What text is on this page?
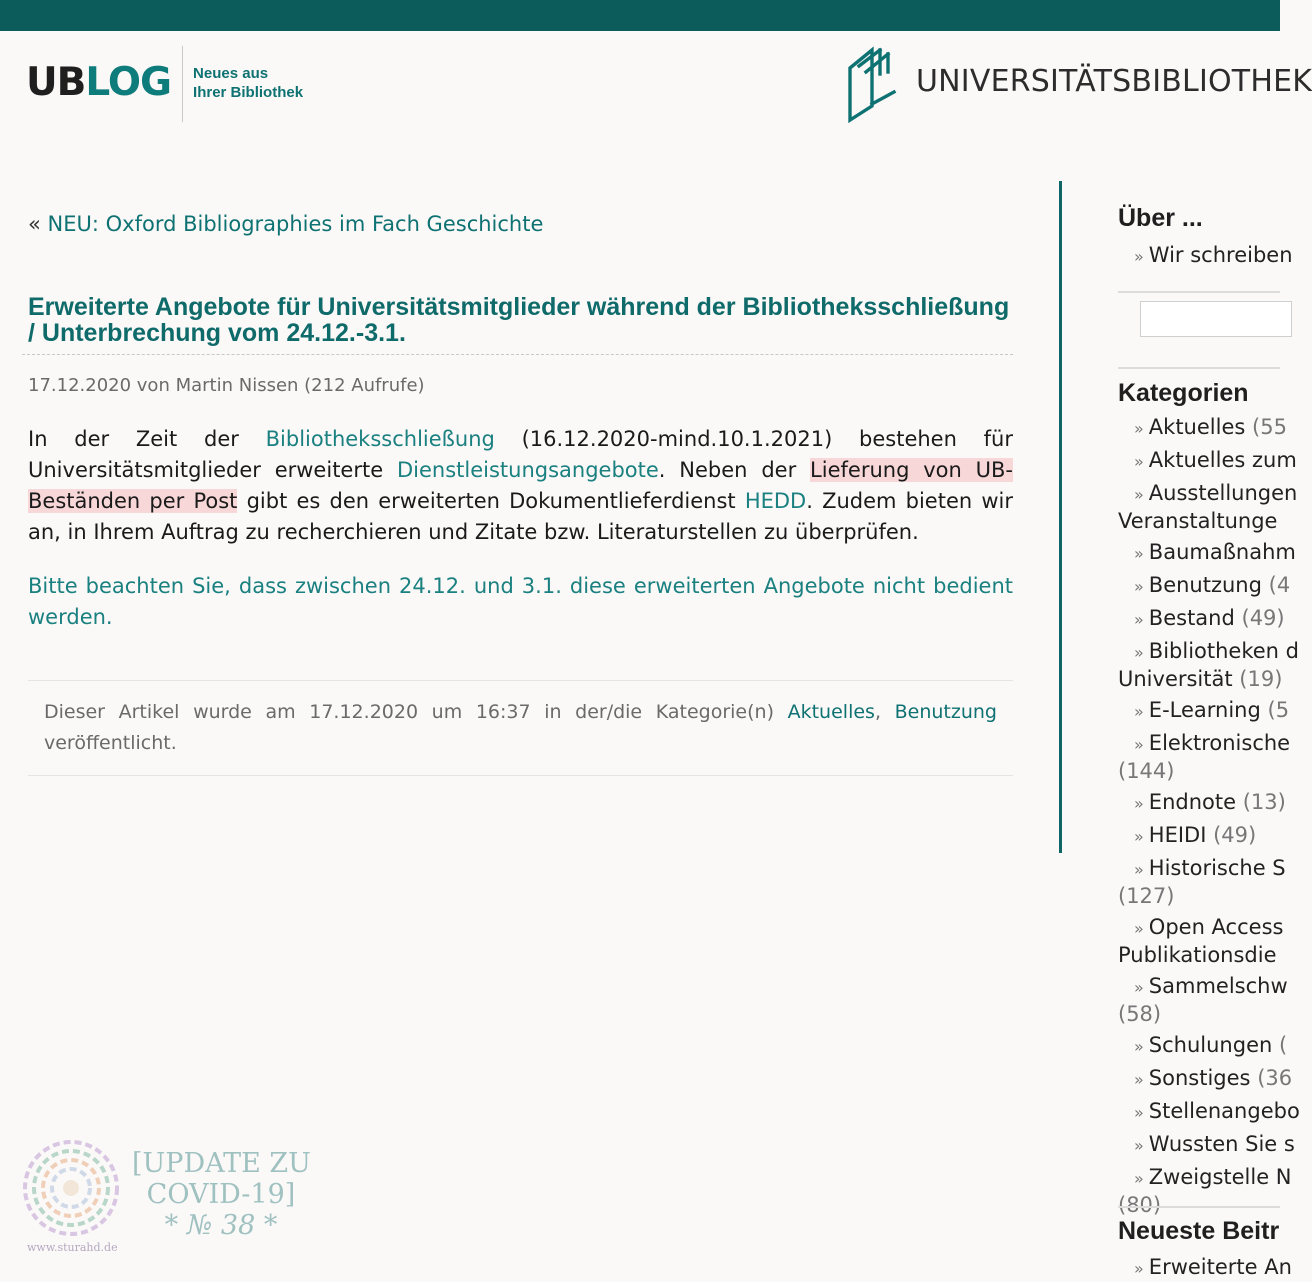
UBLOG Neues aus
Ihrer Bibliothek	UNIVERSITÄTSBIBLIOTHEK
« NEU: Oxford Bibliographies im Fach Geschichte
Erweiterte Angebote für Universitätsmitglieder während der Bibliotheksschließung / Unterbrechung vom 24.12.-3.1.
17.12.2020 von Martin Nissen (212 Aufrufe)

In der Zeit der Bibliotheksschließung (16.12.2020-mind.10.1.2021) bestehen für Universitätsmitglieder erweiterte Dienstleistungsangebote. Neben der Lieferung von UB-Beständen per Post gibt es den erweiterten Dokumentlieferdienst HEDD. Zudem bieten wir an, in Ihrem Auftrag zu recherchieren und Zitate bzw. Literaturstellen zu überprüfen.

Bitte beachten Sie, dass zwischen 24.12. und 3.1. diese erweiterten Angebote nicht bedient werden.

Dieser Artikel wurde am 17.12.2020 um 16:37 in der/die Kategorie(n) Aktuelles, Benutzung veröffentlicht.

Über ...
» Wir schreiben
Kategorien
» Aktuelles (55
» Aktuelles zum
» Ausstellungen
Veranstaltunge
» Baumaßnahm
» Benutzung (4
» Bestand (49)
» Bibliotheken d
Universität (19)
» E-Learning (5
» Elektronische
(144)
» Endnote (13)
» HEIDI (49)
» Historische S
(127)
» Open Access
Publikationsdie
» Sammelschw
(58)
» Schulungen (
» Sonstiges (36
» Stellenangebo
» Wussten Sie s
» Zweigstelle N
(80)
Neueste Beitr
» Erweiterte An
www.sturahd.de
[UPDATE ZU
COVID-19]
* № 38 *
